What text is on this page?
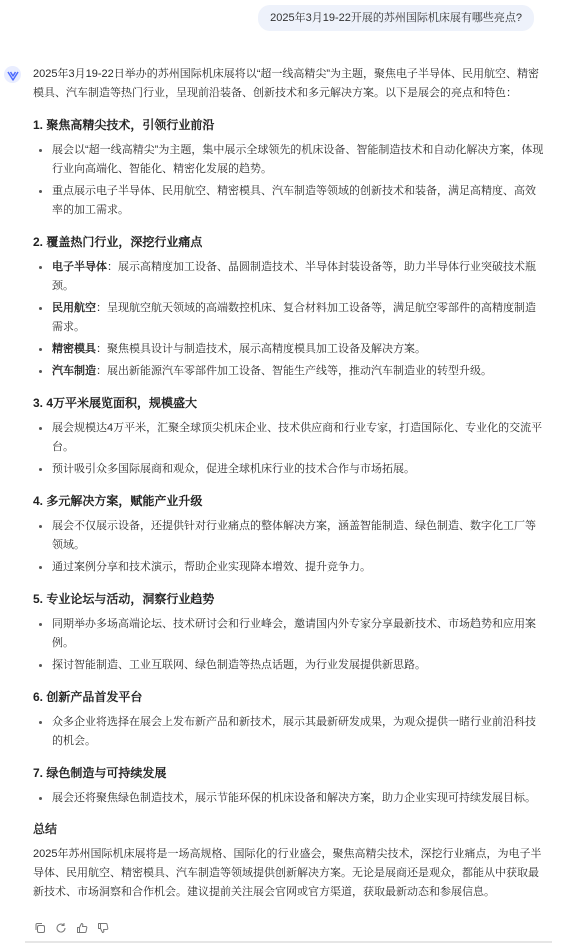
2025年3月19-22开展的苏州国际机床展有哪些亮点?

2025年3月19-22日举办的苏州国际机床展将以“超一线高精尖”为主题，聚焦电子半导体、民用航空、精密模具、汽车制造等热门行业，呈现前沿装备、创新技术和多元解决方案。以下是展会的亮点和特色：

1. 聚焦高精尖技术，引领行业前沿
展会以“超一线高精尖”为主题，集中展示全球领先的机床设备、智能制造技术和自动化解决方案，体现行业向高端化、智能化、精密化发展的趋势。
重点展示电子半导体、民用航空、精密模具、汽车制造等领域的创新技术和装备，满足高精度、高效率的加工需求。
2. 覆盖热门行业，深挖行业痛点
电子半导体：展示高精度加工设备、晶圆制造技术、半导体封装设备等，助力半导体行业突破技术瓶颈。
民用航空：呈现航空航天领域的高端数控机床、复合材料加工设备等，满足航空零部件的高精度制造需求。
精密模具：聚焦模具设计与制造技术，展示高精度模具加工设备及解决方案。
汽车制造：展出新能源汽车零部件加工设备、智能生产线等，推动汽车制造业的转型升级。
3. 4万平米展览面积，规模盛大
展会规模达4万平米，汇聚全球顶尖机床企业、技术供应商和行业专家，打造国际化、专业化的交流平台。
预计吸引众多国际展商和观众，促进全球机床行业的技术合作与市场拓展。
4. 多元解决方案，赋能产业升级
展会不仅展示设备，还提供针对行业痛点的整体解决方案，涵盖智能制造、绿色制造、数字化工厂等领域。
通过案例分享和技术演示，帮助企业实现降本增效、提升竞争力。
5. 专业论坛与活动，洞察行业趋势
同期举办多场高端论坛、技术研讨会和行业峰会，邀请国内外专家分享最新技术、市场趋势和应用案例。
探讨智能制造、工业互联网、绿色制造等热点话题，为行业发展提供新思路。
6. 创新产品首发平台
众多企业将选择在展会上发布新产品和新技术，展示其最新研发成果，为观众提供一睹行业前沿科技的机会。
7. 绿色制造与可持续发展
展会还将聚焦绿色制造技术，展示节能环保的机床设备和解决方案，助力企业实现可持续发展目标。
总结
2025年苏州国际机床展将是一场高规格、国际化的行业盛会，聚焦高精尖技术，深挖行业痛点，为电子半导体、民用航空、精密模具、汽车制造等领域提供创新解决方案。无论是展商还是观众，都能从中获取最新技术、市场洞察和合作机会。建议提前关注展会官网或官方渠道，获取最新动态和参展信息。
